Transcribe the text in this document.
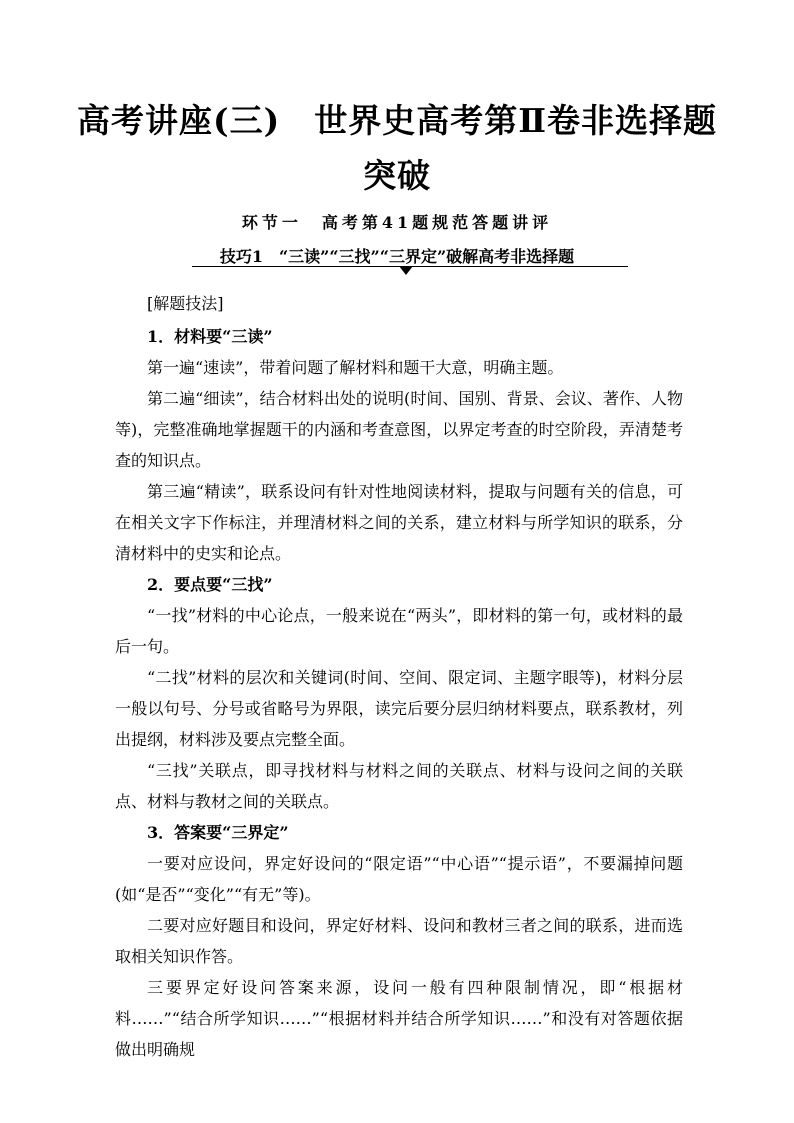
高考讲座(三)　世界史高考第Ⅱ卷非选择题
突破
环节一　高考第41题规范答题讲评
技巧1　“三读”“三找”“三界定”破解高考非选择题

[解题技法]

1．材料要“三读”

第一遍“速读”，带着问题了解材料和题干大意，明确主题。

第二遍“细读”，结合材料出处的说明(时间、国别、背景、会议、著作、人物等)，完整准确地掌握题干的内涵和考查意图，以界定考查的时空阶段，弄清楚考查的知识点。

第三遍“精读”，联系设问有针对性地阅读材料，提取与问题有关的信息，可在相关文字下作标注，并理清材料之间的关系，建立材料与所学知识的联系，分清材料中的史实和论点。

2．要点要“三找”

“一找”材料的中心论点，一般来说在“两头”，即材料的第一句，或材料的最后一句。

“二找”材料的层次和关键词(时间、空间、限定词、主题字眼等)，材料分层一般以句号、分号或省略号为界限，读完后要分层归纳材料要点，联系教材，列出提纲，材料涉及要点完整全面。

“三找”关联点，即寻找材料与材料之间的关联点、材料与设问之间的关联点、材料与教材之间的关联点。

3．答案要“三界定”

一要对应设问，界定好设问的“限定语”“中心语”“提示语”，不要漏掉问题(如“是否”“变化”“有无”等)。

二要对应好题目和设问，界定好材料、设问和教材三者之间的联系，进而选取相关知识作答。

三要界定好设问答案来源，设问一般有四种限制情况，即“根据材料……”“结合所学知识……”“根据材料并结合所学知识……”和没有对答题依据做出明确规
